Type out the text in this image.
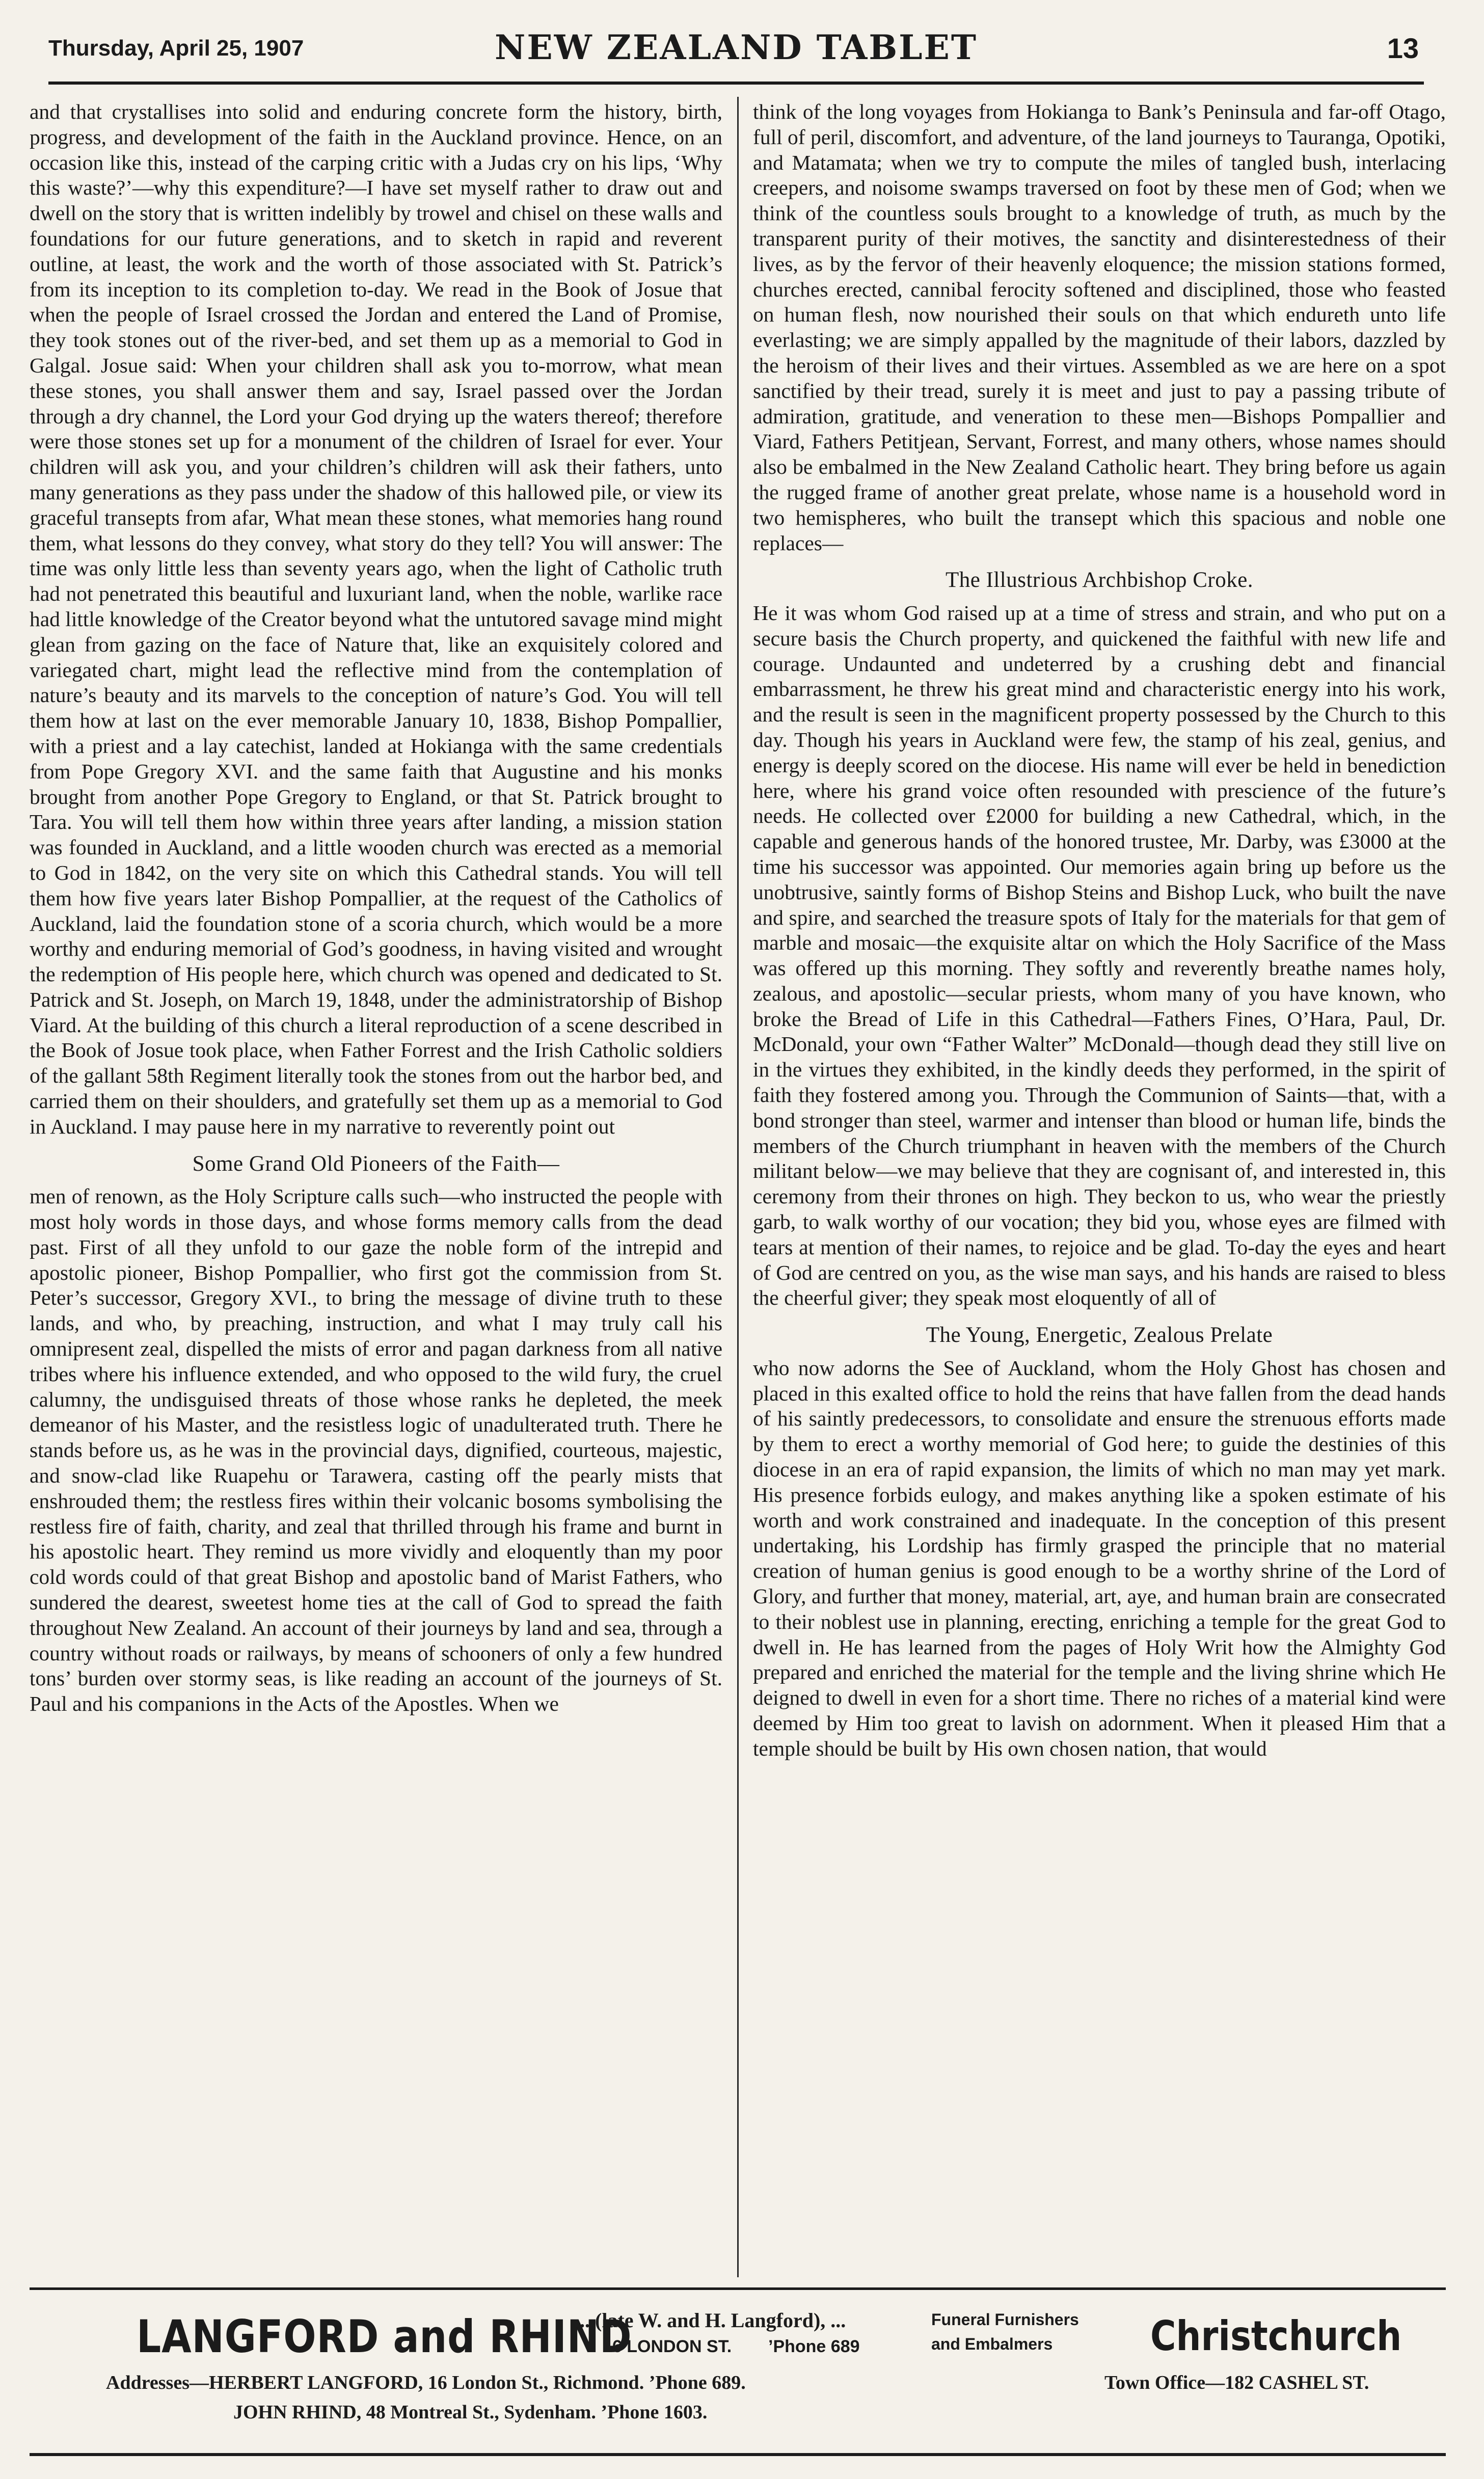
Thursday, April 25, 1907	NEW ZEALAND TABLET	13

and that crystallises into solid and enduring concrete form the history, birth, progress, and development of the faith in the Auckland province. Hence, on an occasion like this, instead of the carping critic with a Judas cry on his lips, ‘Why this waste?’—why this expenditure?—I have set myself rather to draw out and dwell on the story that is written indelibly by trowel and chisel on these walls and foundations for our future generations, and to sketch in rapid and reverent outline, at least, the work and the worth of those associated with St. Patrick’s from its inception to its completion to-day. We read in the Book of Josue that when the people of Israel crossed the Jordan and entered the Land of Promise, they took stones out of the river-bed, and set them up as a memorial to God in Galgal. Josue said: When your children shall ask you to-morrow, what mean these stones, you shall answer them and say, Israel passed over the Jordan through a dry channel, the Lord your God drying up the waters thereof; therefore were those stones set up for a monument of the children of Israel for ever. Your children will ask you, and your children’s children will ask their fathers, unto many generations as they pass under the shadow of this hallowed pile, or view its graceful transepts from afar, What mean these stones, what memories hang round them, what lessons do they convey, what story do they tell? You will answer: The time was only little less than seventy years ago, when the light of Catholic truth had not penetrated this beautiful and luxuriant land, when the noble, warlike race had little knowledge of the Creator beyond what the untutored savage mind might glean from gazing on the face of Nature that, like an exquisitely colored and variegated chart, might lead the reflective mind from the contemplation of nature’s beauty and its marvels to the conception of nature’s God. You will tell them how at last on the ever memorable January 10, 1838, Bishop Pompallier, with a priest and a lay catechist, landed at Hokianga with the same credentials from Pope Gregory XVI. and the same faith that Augustine and his monks brought from another Pope Gregory to England, or that St. Patrick brought to Tara. You will tell them how within three years after landing, a mission station was founded in Auckland, and a little wooden church was erected as a memorial to God in 1842, on the very site on which this Cathedral stands. You will tell them how five years later Bishop Pompallier, at the request of the Catholics of Auckland, laid the foundation stone of a scoria church, which would be a more worthy and enduring memorial of God’s goodness, in having visited and wrought the redemption of His people here, which church was opened and dedicated to St. Patrick and St. Joseph, on March 19, 1848, under the administratorship of Bishop Viard. At the building of this church a literal reproduction of a scene described in the Book of Josue took place, when Father Forrest and the Irish Catholic soldiers of the gallant 58th Regiment literally took the stones from out the harbor bed, and carried them on their shoulders, and gratefully set them up as a memorial to God in Auckland. I may pause here in my narrative to reverently point out

Some Grand Old Pioneers of the Faith—

men of renown, as the Holy Scripture calls such—who instructed the people with most holy words in those days, and whose forms memory calls from the dead past. First of all they unfold to our gaze the noble form of the intrepid and apostolic pioneer, Bishop Pompallier, who first got the commission from St. Peter’s successor, Gregory XVI., to bring the message of divine truth to these lands, and who, by preaching, instruction, and what I may truly call his omnipresent zeal, dispelled the mists of error and pagan darkness from all native tribes where his influence extended, and who opposed to the wild fury, the cruel calumny, the undisguised threats of those whose ranks he depleted, the meek demeanor of his Master, and the resistless logic of unadulterated truth. There he stands before us, as he was in the provincial days, dignified, courteous, majestic, and snow-clad like Ruapehu or Tarawera, casting off the pearly mists that enshrouded them; the restless fires within their volcanic bosoms symbolising the restless fire of faith, charity, and zeal that thrilled through his frame and burnt in his apostolic heart. They remind us more vividly and eloquently than my poor cold words could of that great Bishop and apostolic band of Marist Fathers, who sundered the dearest, sweetest home ties at the call of God to spread the faith throughout New Zealand. An account of their journeys by land and sea, through a country without roads or railways, by means of schooners of only a few hundred tons’ burden over stormy seas, is like reading an account of the journeys of St. Paul and his companions in the Acts of the Apostles. When we

think of the long voyages from Hokianga to Bank’s Peninsula and far-off Otago, full of peril, discomfort, and adventure, of the land journeys to Tauranga, Opotiki, and Matamata; when we try to compute the miles of tangled bush, interlacing creepers, and noisome swamps traversed on foot by these men of God; when we think of the countless souls brought to a knowledge of truth, as much by the transparent purity of their motives, the sanctity and disinterestedness of their lives, as by the fervor of their heavenly eloquence; the mission stations formed, churches erected, cannibal ferocity softened and disciplined, those who feasted on human flesh, now nourished their souls on that which endureth unto life everlasting; we are simply appalled by the magnitude of their labors, dazzled by the heroism of their lives and their virtues. Assembled as we are here on a spot sanctified by their tread, surely it is meet and just to pay a passing tribute of admiration, gratitude, and veneration to these men—Bishops Pompallier and Viard, Fathers Petitjean, Servant, Forrest, and many others, whose names should also be embalmed in the New Zealand Catholic heart. They bring before us again the rugged frame of another great prelate, whose name is a household word in two hemispheres, who built the transept which this spacious and noble one replaces—

The Illustrious Archbishop Croke.

He it was whom God raised up at a time of stress and strain, and who put on a secure basis the Church property, and quickened the faithful with new life and courage. Undaunted and undeterred by a crushing debt and financial embarrassment, he threw his great mind and characteristic energy into his work, and the result is seen in the magnificent property possessed by the Church to this day. Though his years in Auckland were few, the stamp of his zeal, genius, and energy is deeply scored on the diocese. His name will ever be held in benediction here, where his grand voice often resounded with prescience of the future’s needs. He collected over £2000 for building a new Cathedral, which, in the capable and generous hands of the honored trustee, Mr. Darby, was £3000 at the time his successor was appointed. Our memories again bring up before us the unobtrusive, saintly forms of Bishop Steins and Bishop Luck, who built the nave and spire, and searched the treasure spots of Italy for the materials for that gem of marble and mosaic—the exquisite altar on which the Holy Sacrifice of the Mass was offered up this morning. They softly and reverently breathe names holy, zealous, and apostolic—secular priests, whom many of you have known, who broke the Bread of Life in this Cathedral—Fathers Fines, O’Hara, Paul, Dr. McDonald, your own “Father Walter” McDonald—though dead they still live on in the virtues they exhibited, in the kindly deeds they performed, in the spirit of faith they fostered among you. Through the Communion of Saints—that, with a bond stronger than steel, warmer and intenser than blood or human life, binds the members of the Church triumphant in heaven with the members of the Church militant below—we may believe that they are cognisant of, and interested in, this ceremony from their thrones on high. They beckon to us, who wear the priestly garb, to walk worthy of our vocation; they bid you, whose eyes are filmed with tears at mention of their names, to rejoice and be glad. To-day the eyes and heart of God are centred on you, as the wise man says, and his hands are raised to bless the cheerful giver; they speak most eloquently of all of

The Young, Energetic, Zealous Prelate

who now adorns the See of Auckland, whom the Holy Ghost has chosen and placed in this exalted office to hold the reins that have fallen from the dead hands of his saintly predecessors, to consolidate and ensure the strenuous efforts made by them to erect a worthy memorial of God here; to guide the destinies of this diocese in an era of rapid expansion, the limits of which no man may yet mark. His presence forbids eulogy, and makes anything like a spoken estimate of his worth and work constrained and inadequate. In the conception of this present undertaking, his Lordship has firmly grasped the principle that no material creation of human genius is good enough to be a worthy shrine of the Lord of Glory, and further that money, material, art, aye, and human brain are consecrated to their noblest use in planning, erecting, enriching a temple for the great God to dwell in. He has learned from the pages of Holy Writ how the Almighty God prepared and enriched the material for the temple and the living shrine which He deigned to dwell in even for a short time. There no riches of a material kind were deemed by Him too great to lavish on adornment. When it pleased Him that a temple should be built by His own chosen nation, that would

LANGFORD and RHIND
... (late W. and H. Langford), ...
16 LONDON ST. ’Phone 689
Funeral Furnishers
and Embalmers Christchurch
Addresses—HERBERT LANGFORD, 16 London St., Richmond. ’Phone 689.
JOHN RHIND, 48 Montreal St., Sydenham. ’Phone 1603.
Town Office—182 CASHEL ST.
